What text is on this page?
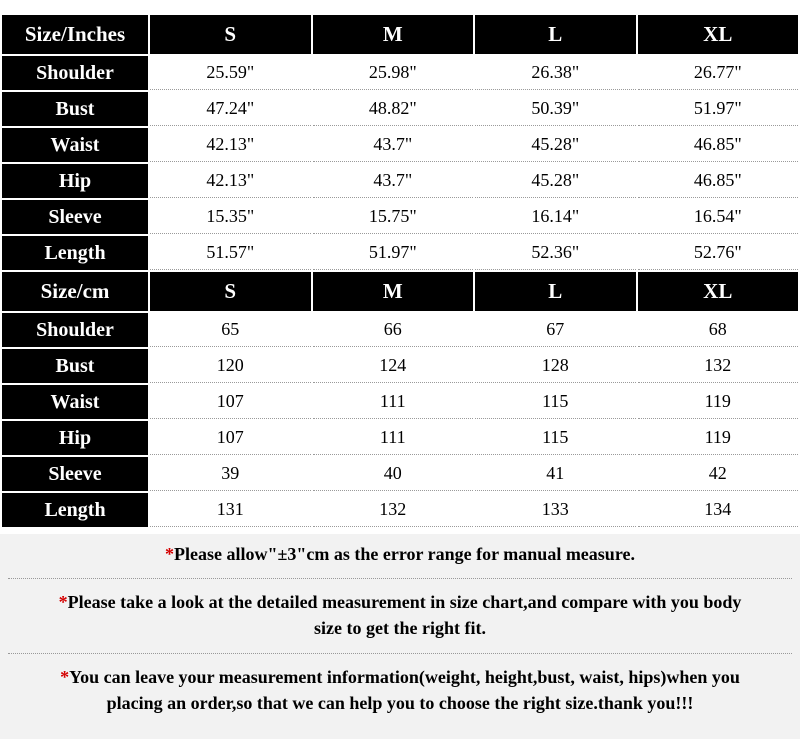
Size/Inches	S	M	L	XL
Shoulder	25.59"	25.98"	26.38"	26.77"
Bust	47.24"	48.82"	50.39"	51.97"
Waist	42.13"	43.7"	45.28"	46.85"
Hip	42.13"	43.7"	45.28"	46.85"
Sleeve	15.35"	15.75"	16.14"	16.54"
Length	51.57"	51.97"	52.36"	52.76"
Size/cm	S	M	L	XL
Shoulder	65	66	67	68
Bust	120	124	128	132
Waist	107	111	115	119
Hip	107	111	115	119
Sleeve	39	40	41	42
Length	131	132	133	134
*Please allow"±3"cm as the error range for manual measure.
*Please take a look at the detailed measurement in size chart,and compare with you body
size to get the right fit.
*You can leave your measurement information(weight, height,bust, waist, hips)when you
placing an order,so that we can help you to choose the right size.thank you!!!
